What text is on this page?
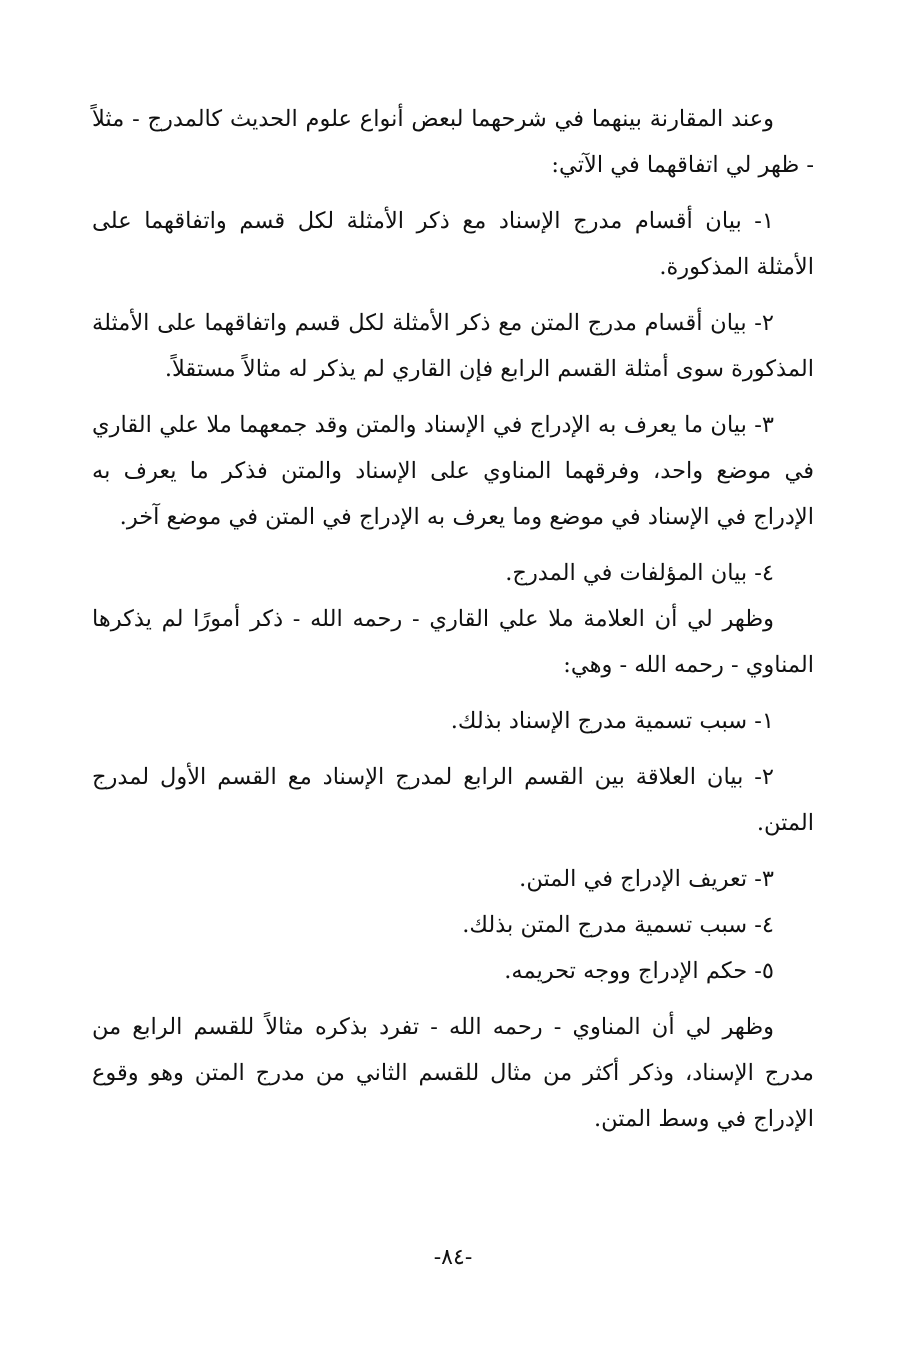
وعند المقارنة بينهما في شرحهما لبعض أنواع علوم الحديث كالمدرج - مثلاً - ظهر لي اتفاقهما في الآتي:

١- بيان أقسام مدرج الإسناد مع ذكر الأمثلة لكل قسم واتفاقهما على الأمثلة المذكورة.

٢- بيان أقسام مدرج المتن مع ذكر الأمثلة لكل قسم واتفاقهما على الأمثلة المذكورة سوى أمثلة القسم الرابع فإن القاري لم يذكر له مثالاً مستقلاً.

٣- بيان ما يعرف به الإدراج في الإسناد والمتن وقد جمعهما ملا علي القاري في موضع واحد، وفرقهما المناوي على الإسناد والمتن فذكر ما يعرف به الإدراج في الإسناد في موضع وما يعرف به الإدراج في المتن في موضع آخر.

٤- بيان المؤلفات في المدرج.

وظهر لي أن العلامة ملا علي القاري - رحمه الله - ذكر أمورًا لم يذكرها المناوي - رحمه الله - وهي:

١- سبب تسمية مدرج الإسناد بذلك.

٢- بيان العلاقة بين القسم الرابع لمدرج الإسناد مع القسم الأول لمدرج المتن.

٣- تعريف الإدراج في المتن.

٤- سبب تسمية مدرج المتن بذلك.

٥- حكم الإدراج ووجه تحريمه.

وظهر لي أن المناوي - رحمه الله - تفرد بذكره مثالاً للقسم الرابع من مدرج الإسناد، وذكر أكثر من مثال للقسم الثاني من مدرج المتن وهو وقوع الإدراج في وسط المتن.

-٨٤-
